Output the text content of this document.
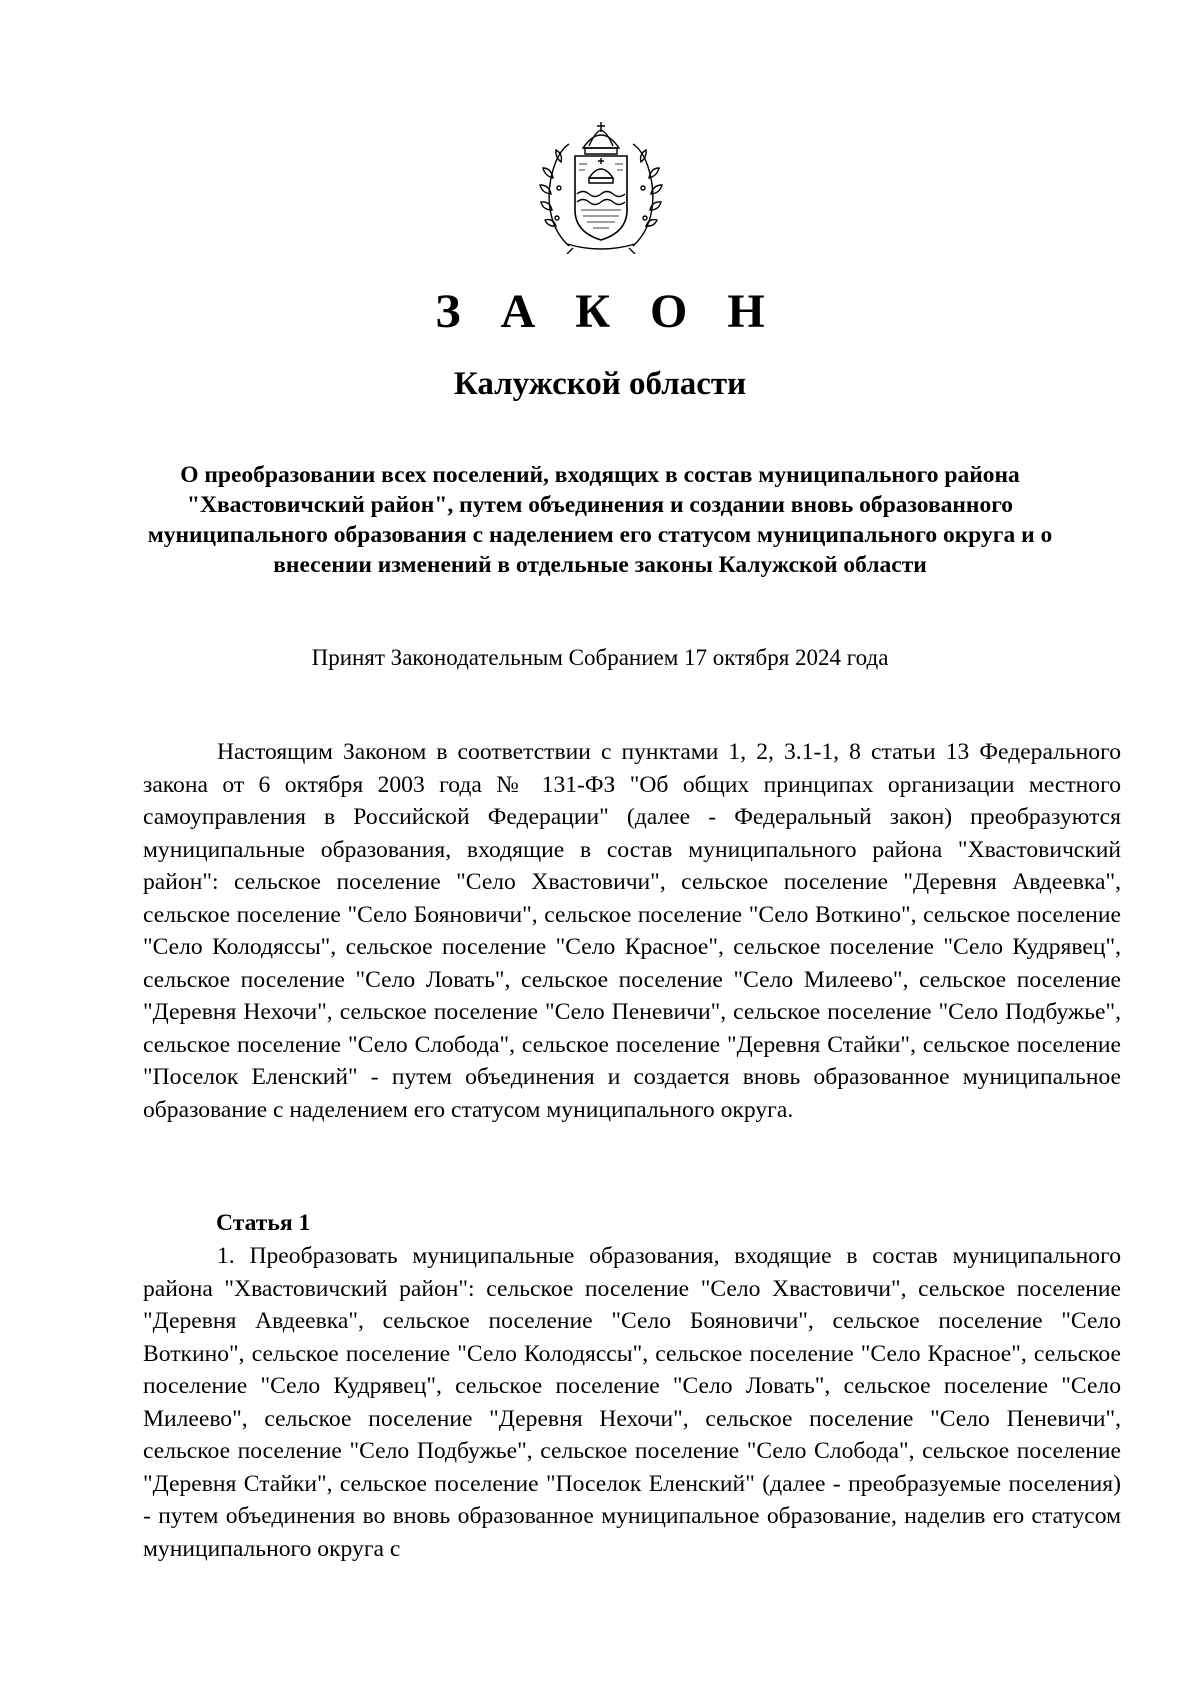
З А К О Н
Калужской области
О преобразовании всех поселений, входящих в состав муниципального района "Хвастовичский район", путем объединения и создании вновь образованного муниципального образования с наделением его статусом муниципального округа и о внесении изменений в отдельные законы Калужской области
Принят Законодательным Собранием 17 октября 2024 года
Настоящим Законом в соответствии с пунктами 1, 2, 3.1-1, 8 статьи 13 Федерального закона от 6 октября 2003 года № 131-ФЗ "Об общих принципах организации местного самоуправления в Российской Федерации" (далее - Федеральный закон) преобразуются муниципальные образования, входящие в состав муниципального района "Хвастовичский район": сельское поселение "Село Хвастовичи", сельское поселение "Деревня Авдеевка", сельское поселение "Село Бояновичи", сельское поселение "Село Воткино", сельское поселение "Село Колодяссы", сельское поселение "Село Красное", сельское поселение "Село Кудрявец", сельское поселение "Село Ловать", сельское поселение "Село Милеево", сельское поселение "Деревня Нехочи", сельское поселение "Село Пеневичи", сельское поселение "Село Подбужье", сельское поселение "Село Слобода", сельское поселение "Деревня Стайки", сельское поселение "Поселок Еленский" - путем объединения и создается вновь образованное муниципальное образование с наделением его статусом муниципального округа.
Статья 1
1. Преобразовать муниципальные образования, входящие в состав муниципального района "Хвастовичский район": сельское поселение "Село Хвастовичи", сельское поселение "Деревня Авдеевка", сельское поселение "Село Бояновичи", сельское поселение "Село Воткино", сельское поселение "Село Колодяссы", сельское поселение "Село Красное", сельское поселение "Село Кудрявец", сельское поселение "Село Ловать", сельское поселение "Село Милеево", сельское поселение "Деревня Нехочи", сельское поселение "Село Пеневичи", сельское поселение "Село Подбужье", сельское поселение "Село Слобода", сельское поселение "Деревня Стайки", сельское поселение "Поселок Еленский" (далее - преобразуемые поселения) - путем объединения во вновь образованное муниципальное образование, наделив его статусом муниципального округа с
